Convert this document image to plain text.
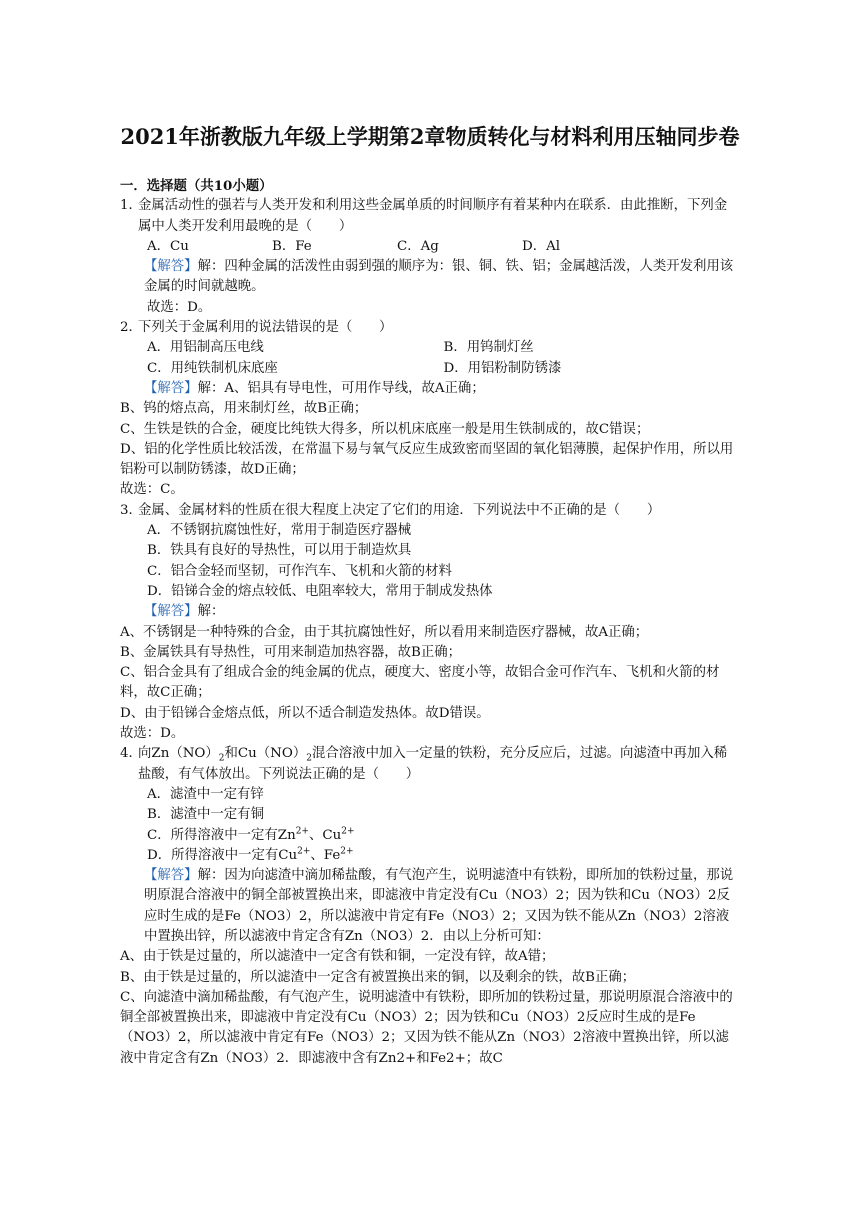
2021年浙教版九年级上学期第2章物质转化与材料利用压轴同步卷
一．选择题（共10小题）
1．
金属活动性的强若与人类开发和利用这些金属单质的时间顺序有着某种内在联系．由此推断，下列金属中人类开发利用最晚的是（　　）
A．Cu	B．Fe	C．Ag	D．Al
【解答】解：四种金属的活泼性由弱到强的顺序为：银、铜、铁、铝；金属越活泼，人类开发利用该金属的时间就越晚。
故选：D。
2．
下列关于金属利用的说法错误的是（　　）
A．用铝制高压电线	B．用钨制灯丝
C．用纯铁制机床底座	D．用铝粉制防锈漆
【解答】解：A、铝具有导电性，可用作导线，故A正确；
B、钨的熔点高，用来制灯丝，故B正确；
C、生铁是铁的合金，硬度比纯铁大得多，所以机床底座一般是用生铁制成的，故C错误；
D、铝的化学性质比较活泼，在常温下易与氧气反应生成致密而坚固的氧化铝薄膜，起保护作用，所以用铝粉可以制防锈漆，故D正确；
故选：C。
3．
金属、金属材料的性质在很大程度上决定了它们的用途．下列说法中不正确的是（　　）
A．不锈钢抗腐蚀性好，常用于制造医疗器械
B．铁具有良好的导热性，可以用于制造炊具
C．铝合金轻而坚韧，可作汽车、飞机和火箭的材料
D．铅锑合金的熔点较低、电阻率较大，常用于制成发热体
【解答】解：
A、不锈钢是一种特殊的合金，由于其抗腐蚀性好，所以看用来制造医疗器械，故A正确；
B、金属铁具有导热性，可用来制造加热容器，故B正确；
C、铝合金具有了组成合金的纯金属的优点，硬度大、密度小等，故铝合金可作汽车、飞机和火箭的材料，故C正确；
D、由于铅锑合金熔点低，所以不适合制造发热体。故D错误。
故选：D。
4．
向$Zn(NO)_2$和$Cu(NO)_2$混合溶液中加入一定量的铁粉，充分反应后，过滤。向滤渣中再加入稀盐酸，有气体放出。下列说法正确的是（　　）
A．滤渣中一定有锌
B．滤渣中一定有铜
C．所得溶液中一定有$Zn^{2+}$、$Cu^{2+}$
D．所得溶液中一定有$Cu^{2+}$、$Fe^{2+}$
【解答】解：因为向滤渣中滴加稀盐酸，有气泡产生，说明滤渣中有铁粉，即所加的铁粉过量，那说明原混合溶液中的铜全部被置换出来，即滤液中肯定没有Cu（NO3）2；因为铁和Cu（NO3）2反应时生成的是Fe（NO3）2，所以滤液中肯定有Fe（NO3）2；又因为铁不能从Zn（NO3）2溶液中置换出锌，所以滤液中肯定含有Zn（NO3）2．由以上分析可知：
A、由于铁是过量的，所以滤渣中一定含有铁和铜，一定没有锌，故A错；
B、由于铁是过量的，所以滤渣中一定含有被置换出来的铜，以及剩余的铁，故B正确；
C、向滤渣中滴加稀盐酸，有气泡产生，说明滤渣中有铁粉，即所加的铁粉过量，那说明原混合溶液中的铜全部被置换出来，即滤液中肯定没有Cu（NO3）2；因为铁和Cu（NO3）2反应时生成的是Fe（NO3）2，所以滤液中肯定有Fe（NO3）2；又因为铁不能从Zn（NO3）2溶液中置换出锌，所以滤液中肯定含有Zn（NO3）2．即滤液中含有Zn2+和Fe2+；故C
